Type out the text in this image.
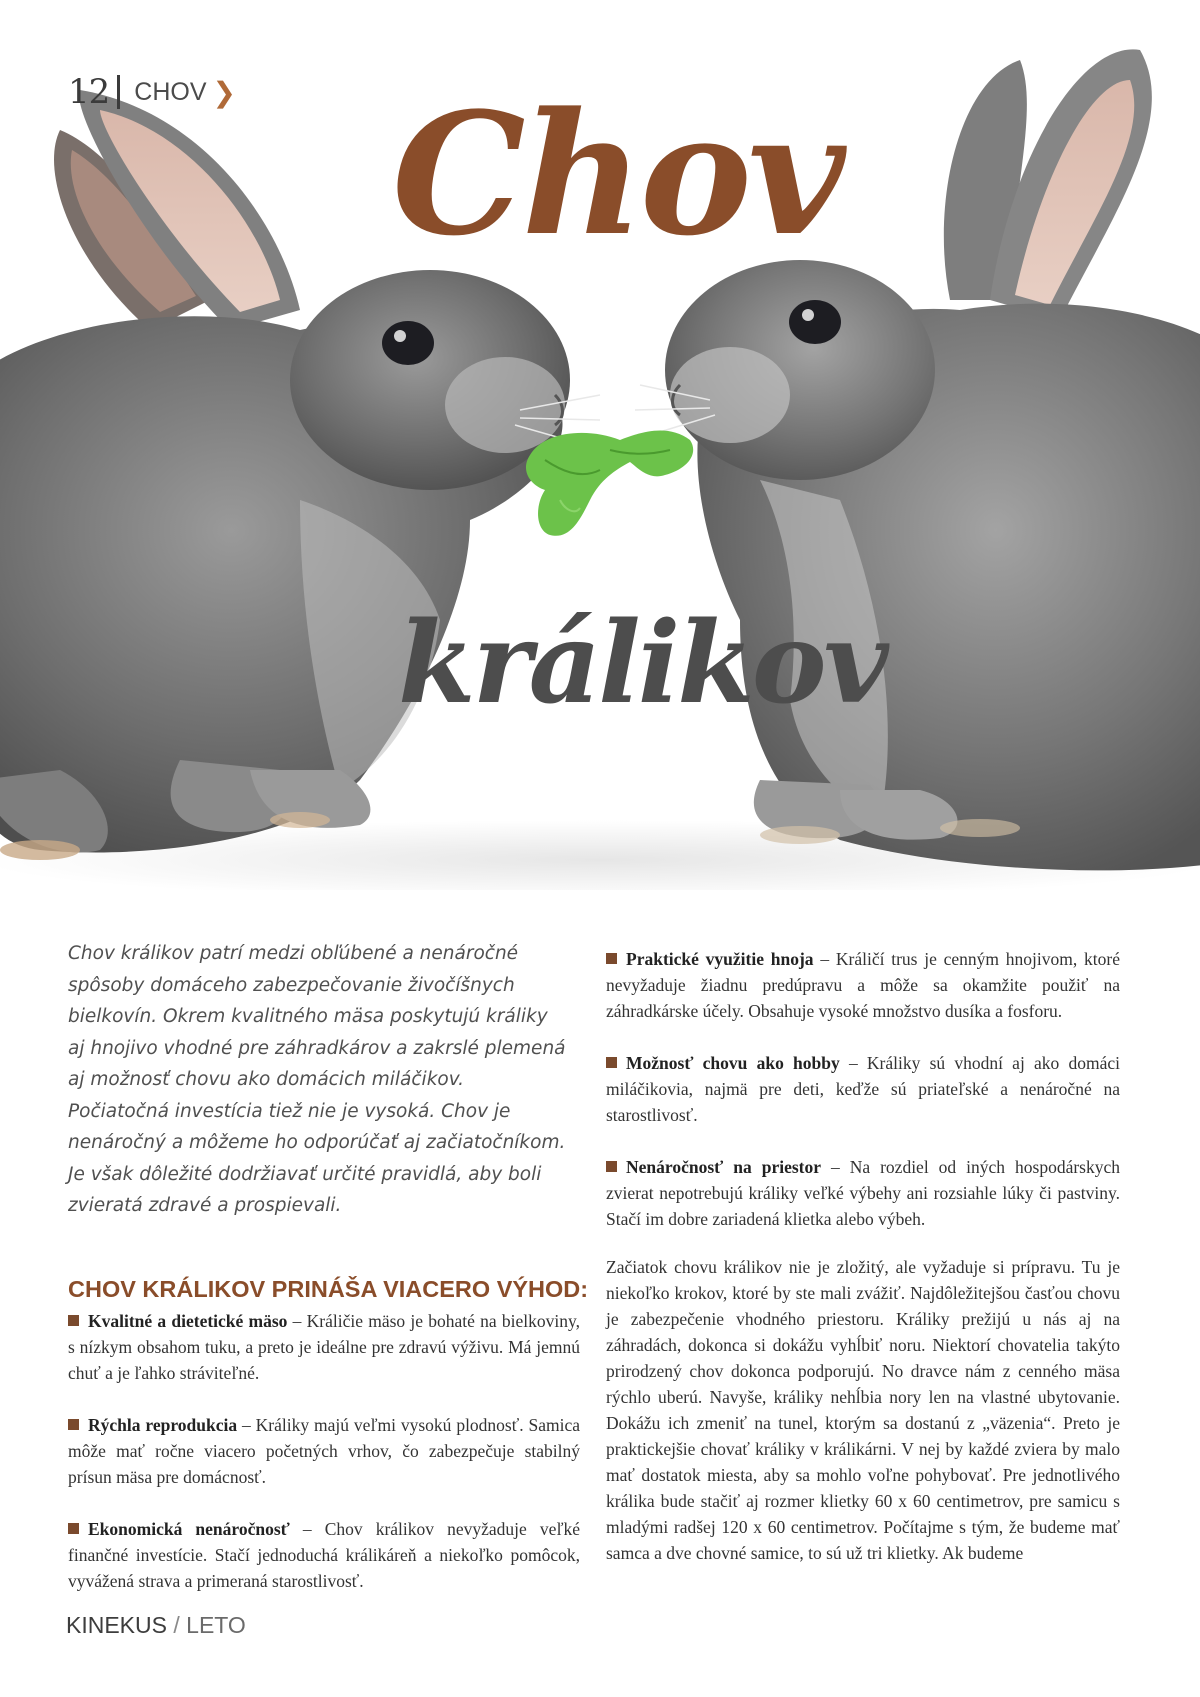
12 CHOV ❯ Chov
králikov

Chov králikov patrí medzi obľúbené a nenáročné spôsoby domáceho zabezpečovanie živočíšnych bielkovín. Okrem kvalitného mäsa poskytujú králiky aj hnojivo vhodné pre záhradkárov a zakrslé plemená aj možnosť chovu ako domácich miláčikov. Počiatočná investícia tiež nie je vysoká. Chov je nenáročný a môžeme ho odporúčať aj začiatočníkom. Je však dôležité dodržiavať určité pravidlá, aby boli zvieratá zdravé a prospievali.

CHOV KRÁLIKOV PRINÁŠA VIACERO VÝHOD:

Kvalitné a dietetické mäso – Králičie mäso je bohaté na bielkoviny, s nízkym obsahom tuku, a preto je ideálne pre zdravú výživu. Má jemnú chuť a je ľahko stráviteľné.

Rýchla reprodukcia – Králiky majú veľmi vysokú plodnosť. Samica môže mať ročne viacero početných vrhov, čo zabezpečuje stabilný prísun mäsa pre domácnosť.

Ekonomická nenáročnosť – Chov králikov nevyžaduje veľké finančné investície. Stačí jednoduchá králikáreň a niekoľko pomôcok, vyvážená strava a primeraná starostlivosť.

Praktické využitie hnoja – Králičí trus je cenným hnojivom, ktoré nevyžaduje žiadnu predúpravu a môže sa okamžite použiť na záhradkárske účely. Obsahuje vysoké množstvo dusíka a fosforu.

Možnosť chovu ako hobby – Králiky sú vhodní aj ako domáci miláčikovia, najmä pre deti, keďže sú priateľské a nenáročné na starostlivosť.

Nenáročnosť na priestor – Na rozdiel od iných hospodárskych zvierat nepotrebujú králiky veľké výbehy ani rozsiahle lúky či pastviny. Stačí im dobre zariadená klietka alebo výbeh.

Začiatok chovu králikov nie je zložitý, ale vyžaduje si prípravu. Tu je niekoľko krokov, ktoré by ste mali zvážiť. Najdôležitejšou časťou chovu je zabezpečenie vhodného priestoru. Králiky prežijú u nás aj na záhradách, dokonca si dokážu vyhĺbiť noru. Niektorí chovatelia takýto prirodzený chov dokonca podporujú. No dravce nám z cenného mäsa rýchlo uberú. Navyše, králiky nehĺbia nory len na vlastné ubytovanie. Dokážu ich zmeniť na tunel, ktorým sa dostanú z „väzenia“. Preto je praktickejšie chovať králiky v králikárni. V nej by každé zviera by malo mať dostatok miesta, aby sa mohlo voľne pohybovať. Pre jednotlivého králika bude stačiť aj rozmer klietky 60 x 60 centimetrov, pre samicu s mladými radšej 120 x 60 centimetrov. Počítajme s tým, že budeme mať samca a dve chovné samice, to sú už tri klietky. Ak budeme

KINEKUS / LETO
